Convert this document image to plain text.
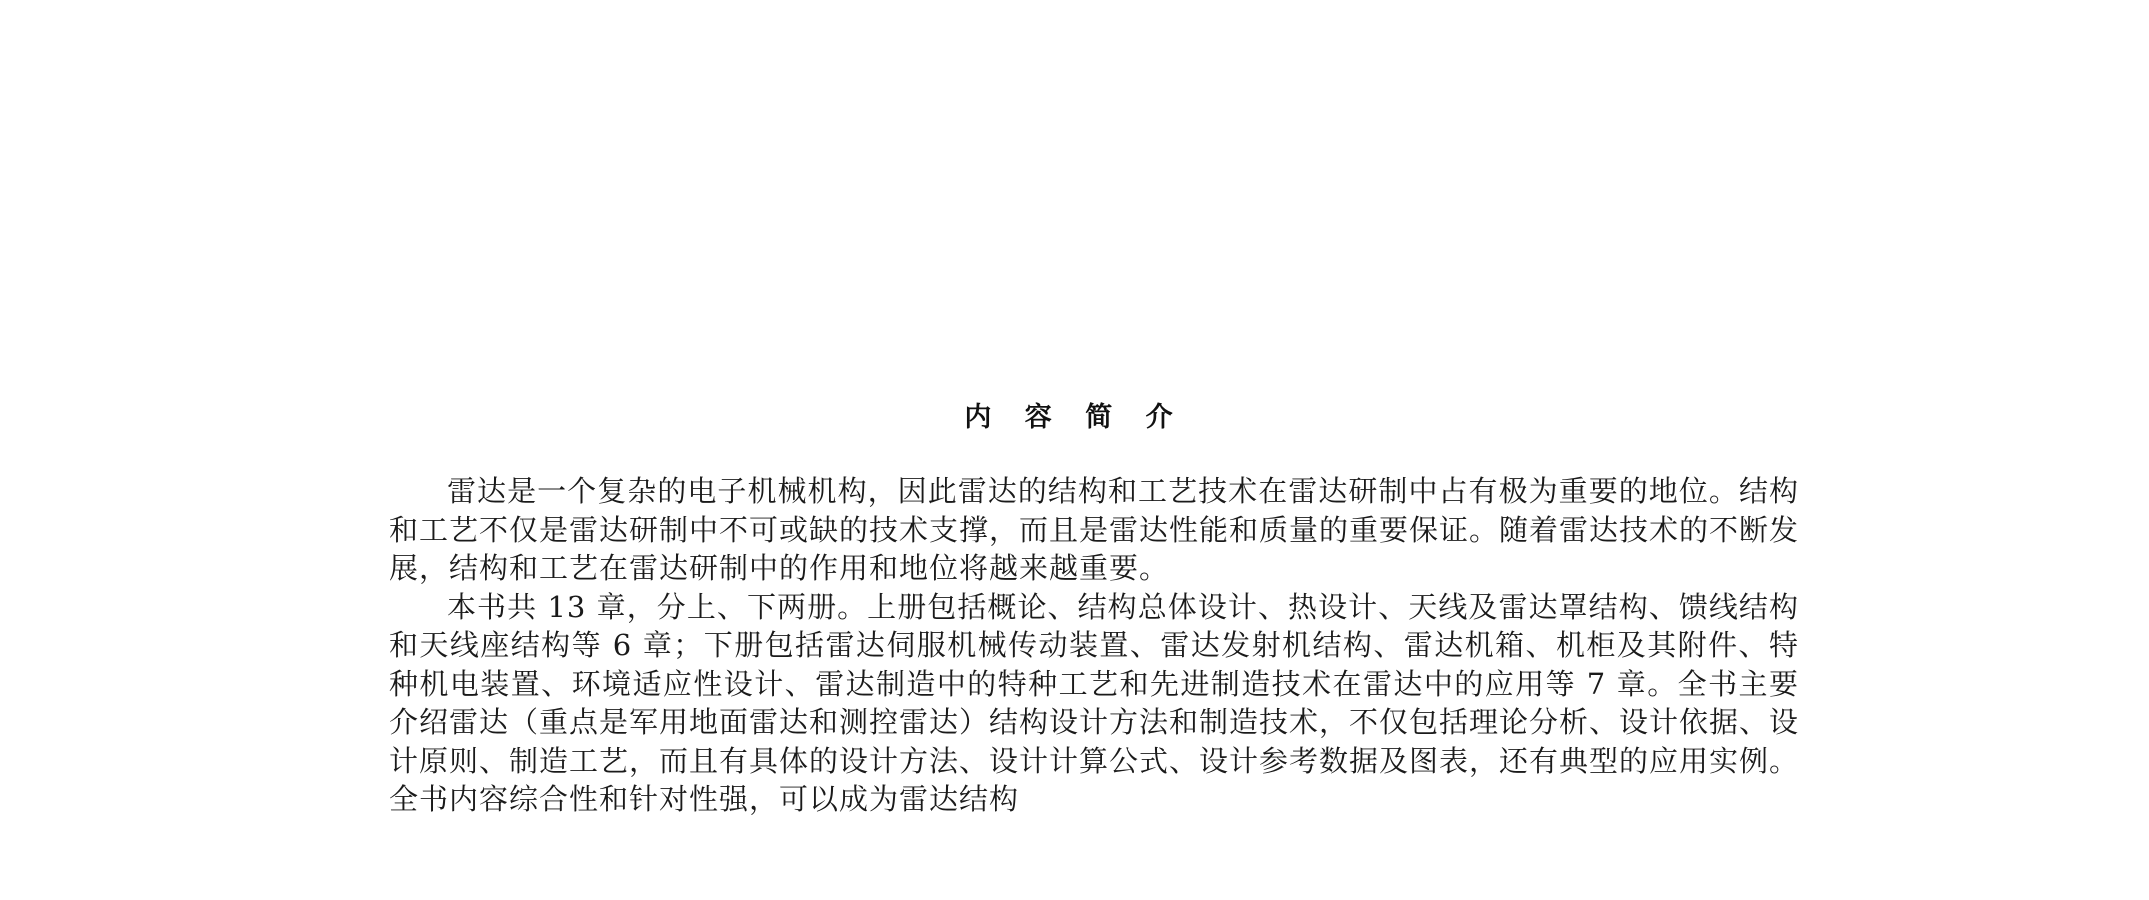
内 容 简 介

雷达是一个复杂的电子机械机构，因此雷达的结构和工艺技术在雷达研制中占有极为重要的地位。结构和工艺不仅是雷达研制中不可或缺的技术支撑，而且是雷达性能和质量的重要保证。随着雷达技术的不断发展，结构和工艺在雷达研制中的作用和地位将越来越重要。

本书共 13 章，分上、下两册。上册包括概论、结构总体设计、热设计、天线及雷达罩结构、馈线结构和天线座结构等 6 章；下册包括雷达伺服机械传动装置、雷达发射机结构、雷达机箱、机柜及其附件、特种机电装置、环境适应性设计、雷达制造中的特种工艺和先进制造技术在雷达中的应用等 7 章。全书主要介绍雷达（重点是军用地面雷达和测控雷达）结构设计方法和制造技术，不仅包括理论分析、设计依据、设计原则、制造工艺，而且有具体的设计方法、设计计算公式、设计参考数据及图表，还有典型的应用实例。全书内容综合性和针对性强，可以成为雷达结构
